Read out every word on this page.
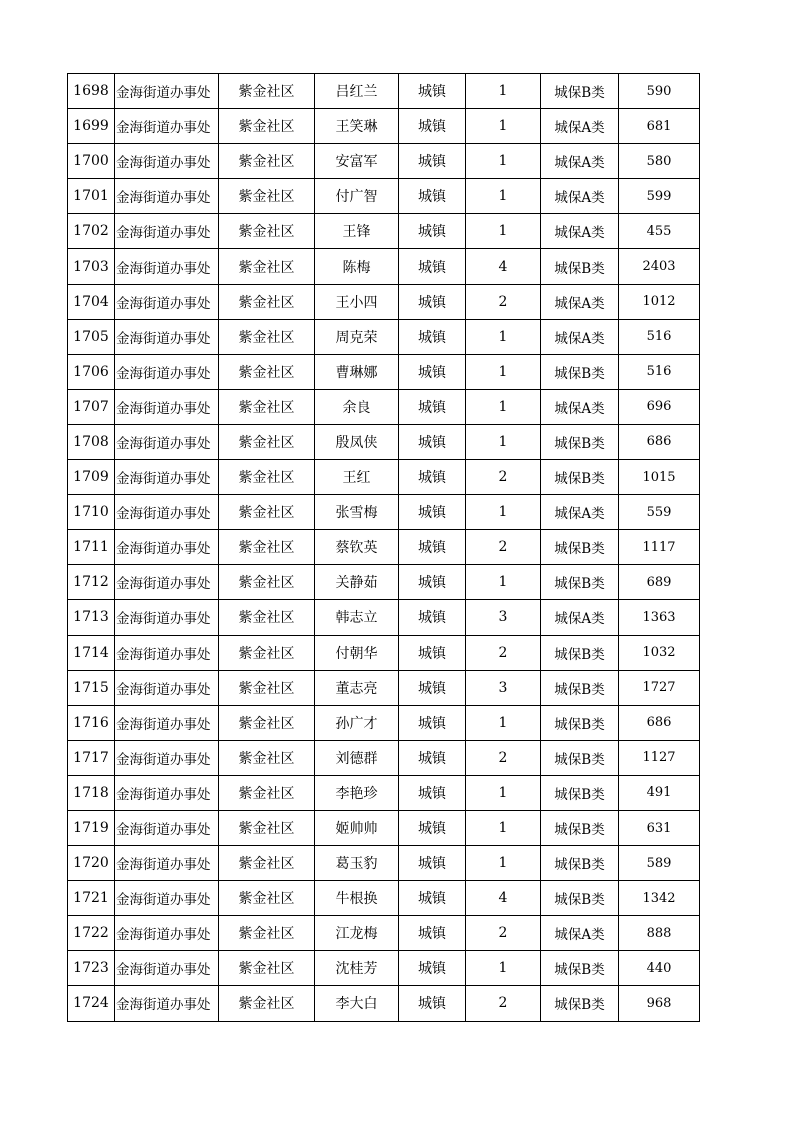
1698	金海街道办事处	紫金社区	吕红兰	城镇	1	城保B类	590
1699	金海街道办事处	紫金社区	王笑琳	城镇	1	城保A类	681
1700	金海街道办事处	紫金社区	安富军	城镇	1	城保A类	580
1701	金海街道办事处	紫金社区	付广智	城镇	1	城保A类	599
1702	金海街道办事处	紫金社区	王锋	城镇	1	城保A类	455
1703	金海街道办事处	紫金社区	陈梅	城镇	4	城保B类	2403
1704	金海街道办事处	紫金社区	王小四	城镇	2	城保A类	1012
1705	金海街道办事处	紫金社区	周克荣	城镇	1	城保A类	516
1706	金海街道办事处	紫金社区	曹琳娜	城镇	1	城保B类	516
1707	金海街道办事处	紫金社区	余良	城镇	1	城保A类	696
1708	金海街道办事处	紫金社区	殷凤侠	城镇	1	城保B类	686
1709	金海街道办事处	紫金社区	王红	城镇	2	城保B类	1015
1710	金海街道办事处	紫金社区	张雪梅	城镇	1	城保A类	559
1711	金海街道办事处	紫金社区	蔡钦英	城镇	2	城保B类	1117
1712	金海街道办事处	紫金社区	关静茹	城镇	1	城保B类	689
1713	金海街道办事处	紫金社区	韩志立	城镇	3	城保A类	1363
1714	金海街道办事处	紫金社区	付朝华	城镇	2	城保B类	1032
1715	金海街道办事处	紫金社区	董志亮	城镇	3	城保B类	1727
1716	金海街道办事处	紫金社区	孙广才	城镇	1	城保B类	686
1717	金海街道办事处	紫金社区	刘德群	城镇	2	城保B类	1127
1718	金海街道办事处	紫金社区	李艳珍	城镇	1	城保B类	491
1719	金海街道办事处	紫金社区	姬帅帅	城镇	1	城保B类	631
1720	金海街道办事处	紫金社区	葛玉豹	城镇	1	城保B类	589
1721	金海街道办事处	紫金社区	牛根换	城镇	4	城保B类	1342
1722	金海街道办事处	紫金社区	江龙梅	城镇	2	城保A类	888
1723	金海街道办事处	紫金社区	沈桂芳	城镇	1	城保B类	440
1724	金海街道办事处	紫金社区	李大白	城镇	2	城保B类	968
